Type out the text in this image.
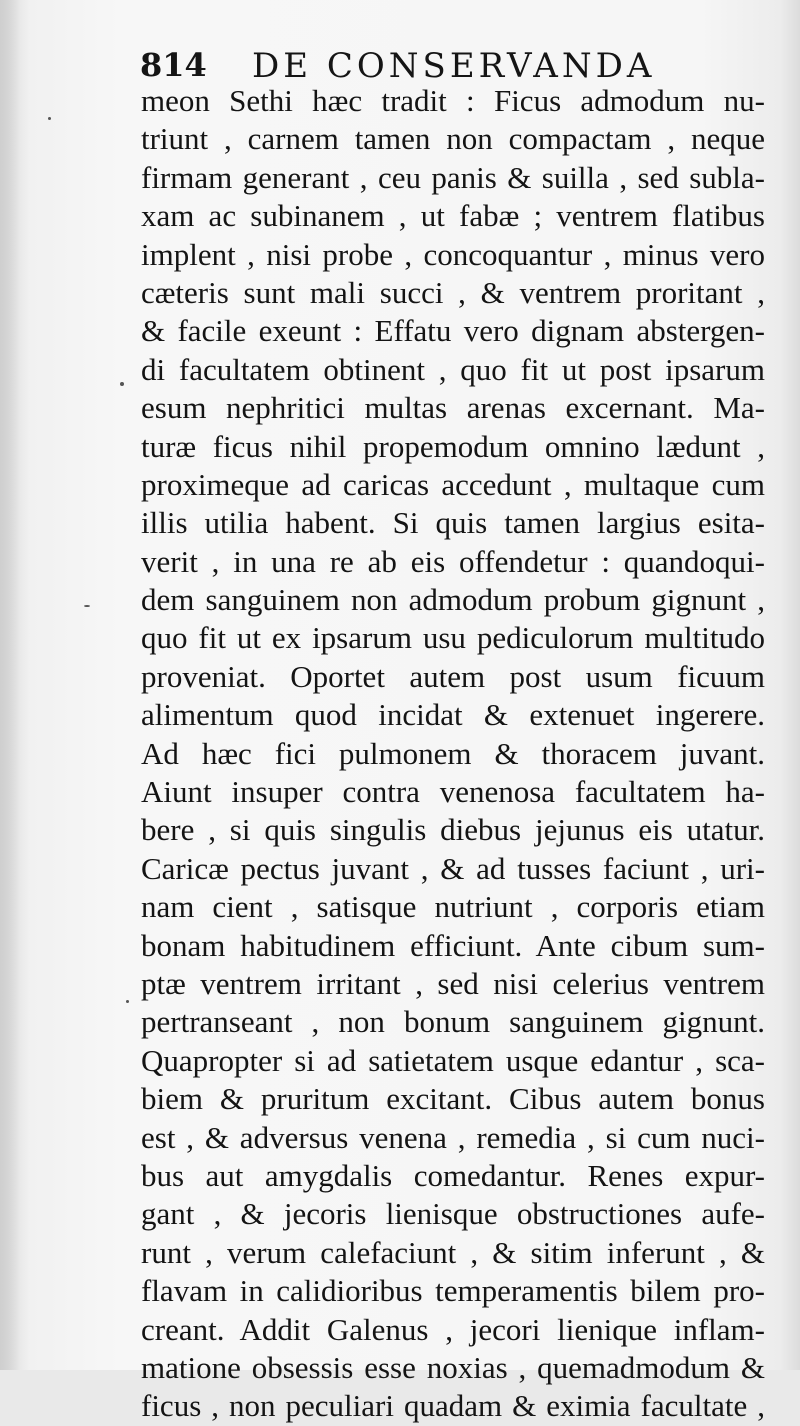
814 DE CONSERVANDA
meon Sethi hæc tradit : Ficus admodum nu-
triunt , carnem tamen non compactam , neque
firmam generant , ceu panis & suilla , sed subla-
xam ac subinanem , ut fabæ ; ventrem flatibus
implent , nisi probe , concoquantur , minus vero
cæteris sunt mali succi , & ventrem proritant ,
& facile exeunt : Effatu vero dignam abstergen-
di facultatem obtinent , quo fit ut post ipsarum
esum nephritici multas arenas excernant. Ma-
turæ ficus nihil propemodum omnino lædunt ,
proximeque ad caricas accedunt , multaque cum
illis utilia habent. Si quis tamen largius esita-
verit , in una re ab eis offendetur : quandoqui-
dem sanguinem non admodum probum gignunt ,
quo fit ut ex ipsarum usu pediculorum multitudo
proveniat. Oportet autem post usum ficuum
alimentum quod incidat & extenuet ingerere.
Ad hæc fici pulmonem & thoracem juvant.
Aiunt insuper contra venenosa facultatem ha-
bere , si quis singulis diebus jejunus eis utatur.
Caricæ pectus juvant , & ad tusses faciunt , uri-
nam cient , satisque nutriunt , corporis etiam
bonam habitudinem efficiunt. Ante cibum sum-
ptæ ventrem irritant , sed nisi celerius ventrem
pertranseant , non bonum sanguinem gignunt.
Quapropter si ad satietatem usque edantur , sca-
biem & pruritum excitant. Cibus autem bonus
est , & adversus venena , remedia , si cum nuci-
bus aut amygdalis comedantur. Renes expur-
gant , & jecoris lienisque obstructiones aufe-
runt , verum calefaciunt , & sitim inferunt , &
flavam in calidioribus temperamentis bilem pro-
creant. Addit Galenus , jecori lienique inflam-
matione obsessis esse noxias , quemadmodum &
ficus , non peculiari quadam & eximia facultate ,
